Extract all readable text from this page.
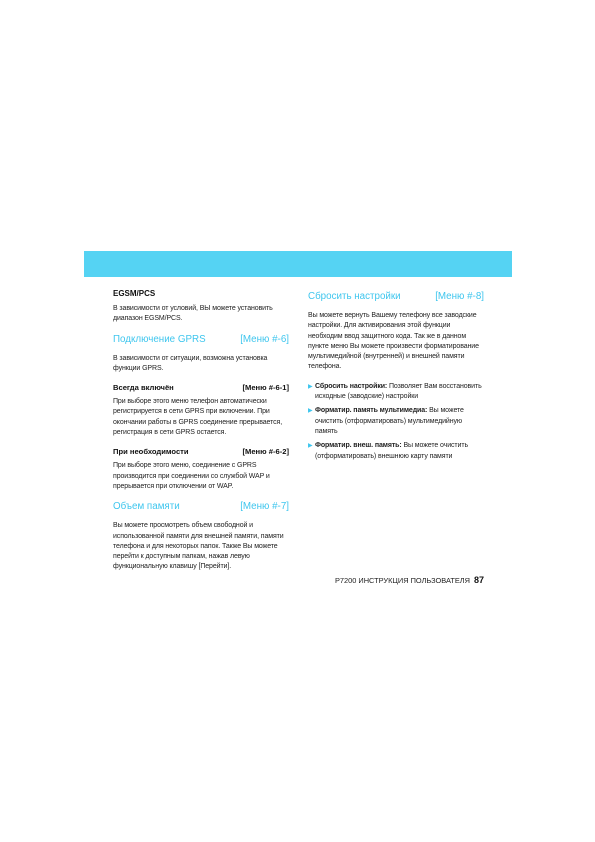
EGSM/PCS

В зависимости от условий, ВЫ можете установить диапазон EGSM/PCS.

Подключение GPRS	[Меню #-6]

В зависимости от ситуации, возможна установка функции GPRS.

Всегда включён	[Меню #-6-1]

При выборе этого меню телефон автоматически регистрируется в сети GPRS при включении. При окончании работы в GPRS соединение прерывается, регистрация в сети GPRS остается.

При необходимости	[Меню #-6-2]

При выборе этого меню, соединение с GPRS производится при соединении со службой WAP и прерывается при отключении от WAP.

Объем памяти	[Меню #-7]

Вы можете просмотреть объем свободной и использованной памяти для внешней памяти, памяти телефона и для некоторых папок. Также Вы можете перейти к доступным папкам, нажав левую функциональную клавишу [Перейти].

Сбросить настройки	[Меню #-8]

Вы можете вернуть Вашему телефону все заводские настройки. Для активирования этой функции необходим ввод защитного кода. Так же в данном пункте меню Вы можете произвести форматирование мультимедийной (внутренней) и внешней памяти телефона.

▶ Сбросить настройки: Позволяет Вам восстановить исходные (заводские) настройки
▶ Форматир. память мультимедиа: Вы можете очистить (отформатировать) мультимедийную память
▶ Форматир. внеш. память: Вы можете очистить (отформатировать) внешнюю карту памяти
P7200 ИНСТРУКЦИЯ ПОЛЬЗОВАТЕЛЯ 87
